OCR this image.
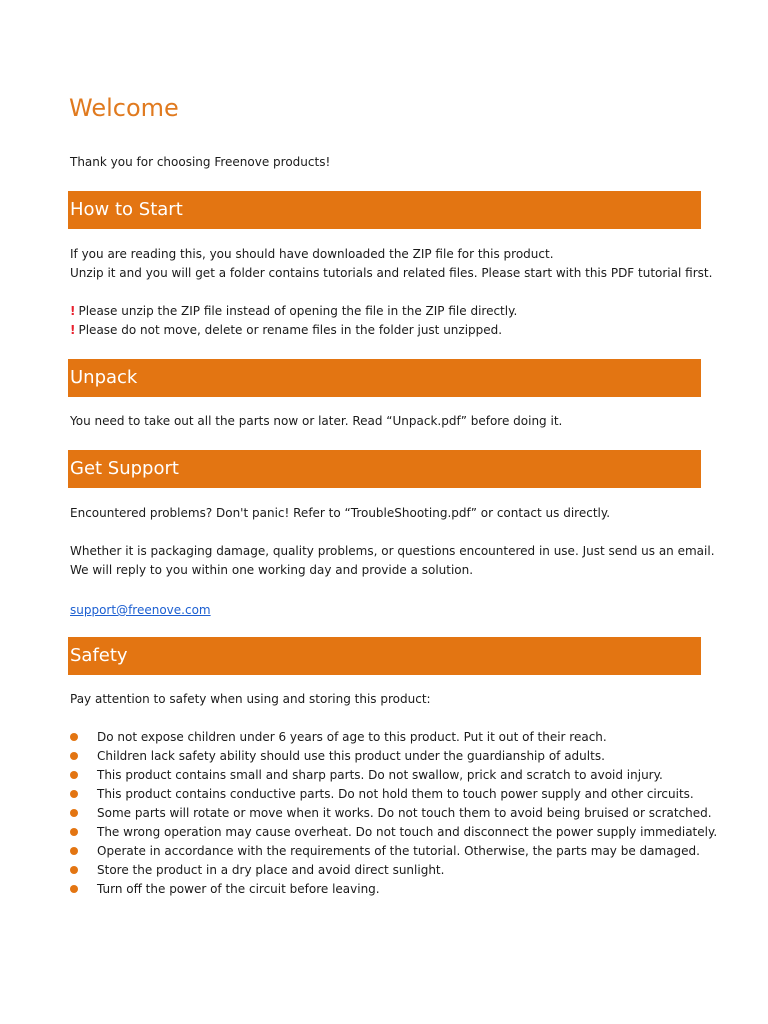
Welcome

Thank you for choosing Freenove products!

How to Start

If you are reading this, you should have downloaded the ZIP file for this product.

Unzip it and you will get a folder contains tutorials and related files. Please start with this PDF tutorial first.

! Please unzip the ZIP file instead of opening the file in the ZIP file directly.

! Please do not move, delete or rename files in the folder just unzipped.

Unpack

You need to take out all the parts now or later. Read “Unpack.pdf” before doing it.

Get Support

Encountered problems? Don't panic! Refer to “TroubleShooting.pdf” or contact us directly.

Whether it is packaging damage, quality problems, or questions encountered in use. Just send us an email.

We will reply to you within one working day and provide a solution.

support@freenove.com
Safety

Pay attention to safety when using and storing this product:

Do not expose children under 6 years of age to this product. Put it out of their reach.
Children lack safety ability should use this product under the guardianship of adults.
This product contains small and sharp parts. Do not swallow, prick and scratch to avoid injury.
This product contains conductive parts. Do not hold them to touch power supply and other circuits.
Some parts will rotate or move when it works. Do not touch them to avoid being bruised or scratched.
The wrong operation may cause overheat. Do not touch and disconnect the power supply immediately.
Operate in accordance with the requirements of the tutorial. Otherwise, the parts may be damaged.
Store the product in a dry place and avoid direct sunlight.
Turn off the power of the circuit before leaving.
